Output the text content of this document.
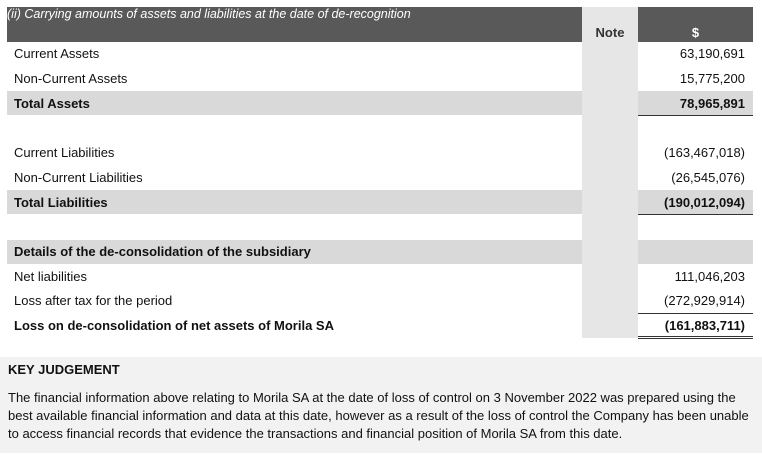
(ii) Carrying amounts of assets and liabilities at the date of de-recognition
Note	$
Current Assets	63,190,691
Non-Current Assets	15,775,200
Total Assets	78,965,891
Current Liabilities	(163,467,018)
Non-Current Liabilities	(26,545,076)
Total Liabilities	(190,012,094)
Details of the de-consolidation of the subsidiary
Net liabilities	111,046,203
Loss after tax for the period	(272,929,914)
Loss on de-consolidation of net assets of Morila SA	(161,883,711)
KEY JUDGEMENT
The financial information above relating to Morila SA at the date of loss of control on 3 November 2022 was prepared using the
best available financial information and data at this date, however as a result of the loss of control the Company has been unable
to access financial records that evidence the transactions and financial position of Morila SA from this date.
